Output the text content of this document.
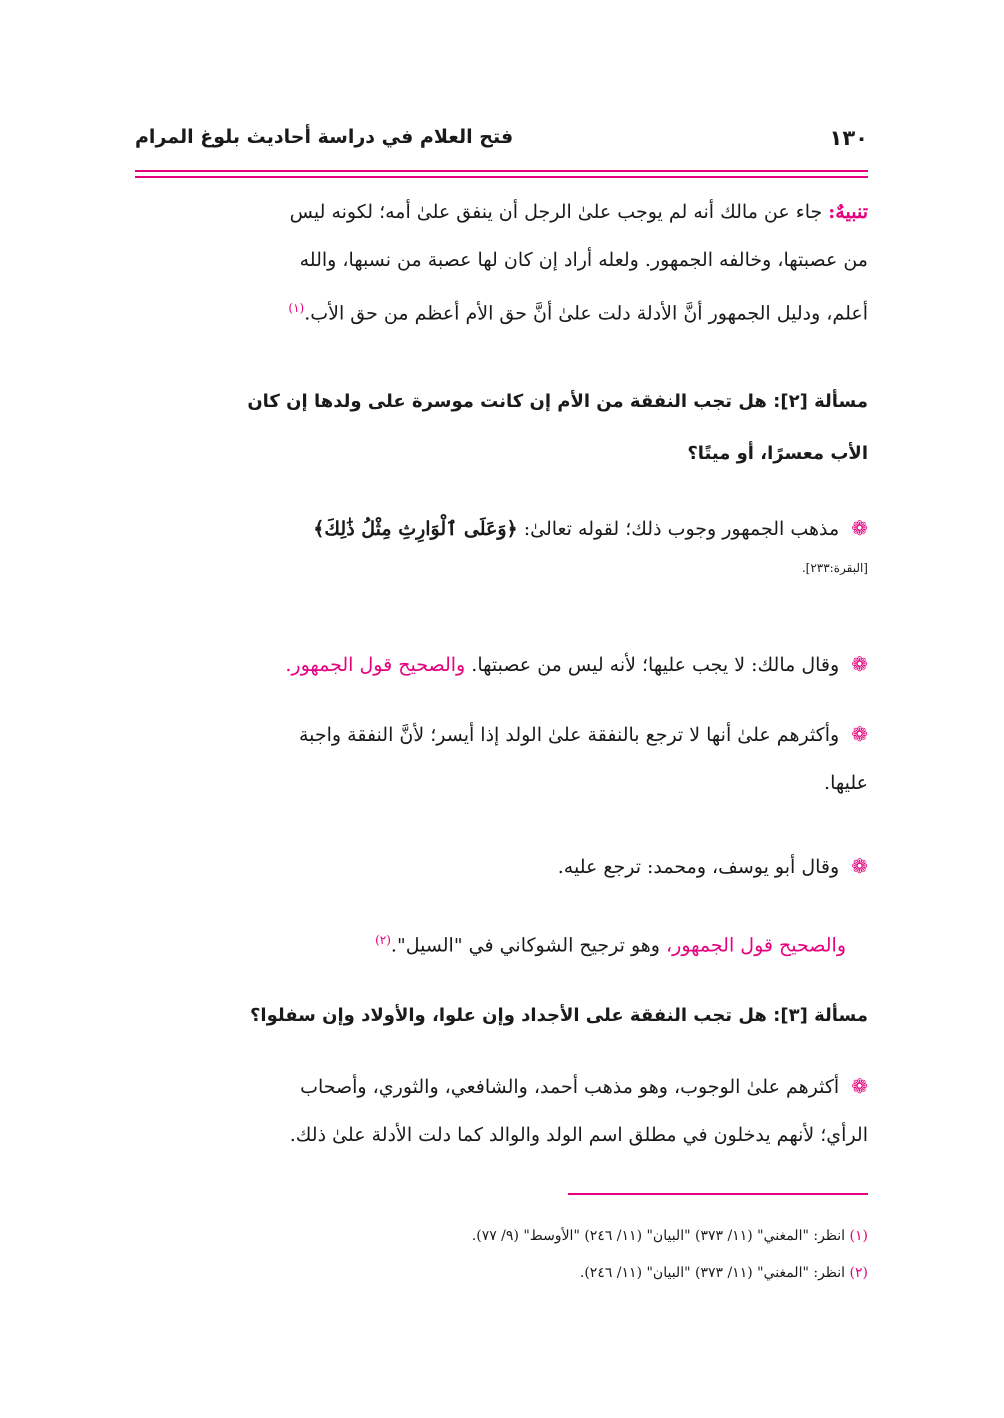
١٣٠
فتح العلام في دراسة أحاديث بلوغ المرام
تنبيهٌ: جاء عن مالك أنه لم يوجب علىٰ الرجل أن ينفق علىٰ أمه؛ لكونه ليس
من عصبتها، وخالفه الجمهور. ولعله أراد إن كان لها عصبة من نسبها، والله
أعلم، ودليل الجمهور أنَّ الأدلة دلت علىٰ أنَّ حق الأم أعظم من حق الأب.$^{(١)}$
مسألة [٢]: هل تجب النفقة من الأم إن كانت موسرة على ولدها إن كان
الأب معسرًا، أو ميتًا؟
❁ مذهب الجمهور وجوب ذلك؛ لقوله تعالىٰ: ﴿وَعَلَى ٱلْوَارِثِ مِثْلُ ذَٰلِكَ﴾
[البقرة:٢٣٣].
❁ وقال مالك: لا يجب عليها؛ لأنه ليس من عصبتها. والصحيح قول الجمهور.
❁ وأكثرهم علىٰ أنها لا ترجع بالنفقة علىٰ الولد إذا أيسر؛ لأنَّ النفقة واجبة
عليها.
❁ وقال أبو يوسف، ومحمد: ترجع عليه.
والصحيح قول الجمهور، وهو ترجيح الشوكاني في "السيل".$^{(٢)}$
مسألة [٣]: هل تجب النفقة على الأجداد وإن علوا، والأولاد وإن سفلوا؟
❁ أكثرهم علىٰ الوجوب، وهو مذهب أحمد، والشافعي، والثوري، وأصحاب
الرأي؛ لأنهم يدخلون في مطلق اسم الولد والوالد كما دلت الأدلة علىٰ ذلك.
(١) انظر: "المغني" (١١/ ٣٧٣) "البيان" (١١/ ٢٤٦) "الأوسط" (٩/ ٧٧).
(٢) انظر: "المغني" (١١/ ٣٧٣) "البيان" (١١/ ٢٤٦).
